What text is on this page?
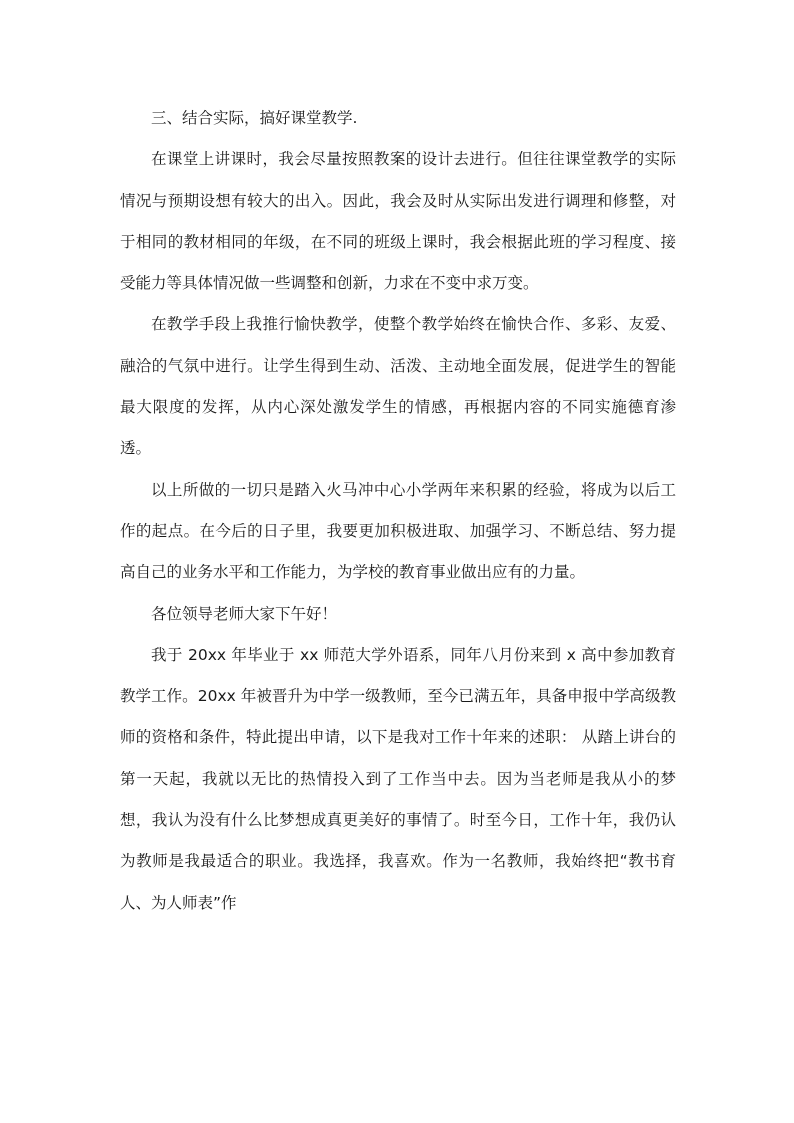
三、结合实际，搞好课堂教学.

在课堂上讲课时，我会尽量按照教案的设计去进行。但往往课堂教学的实际情况与预期设想有较大的出入。因此，我会及时从实际出发进行调理和修整，对于相同的教材相同的年级，在不同的班级上课时，我会根据此班的学习程度、接受能力等具体情况做一些调整和创新，力求在不变中求万变。

在教学手段上我推行愉快教学，使整个教学始终在愉快合作、多彩、友爱、融洽的气氛中进行。让学生得到生动、活泼、主动地全面发展，促进学生的智能最大限度的发挥，从内心深处激发学生的情感，再根据内容的不同实施德育渗透。

以上所做的一切只是踏入火马冲中心小学两年来积累的经验，将成为以后工作的起点。在今后的日子里，我要更加积极进取、加强学习、不断总结、努力提高自己的业务水平和工作能力，为学校的教育事业做出应有的力量。

各位领导老师大家下午好！

我于 20xx 年毕业于 xx 师范大学外语系，同年八月份来到 x 高中参加教育教学工作。20xx 年被晋升为中学一级教师，至今已满五年，具备申报中学高级教师的资格和条件，特此提出申请，以下是我对工作十年来的述职： 从踏上讲台的第一天起，我就以无比的热情投入到了工作当中去。因为当老师是我从小的梦想，我认为没有什么比梦想成真更美好的事情了。时至今日，工作十年，我仍认为教师是我最适合的职业。我选择，我喜欢。作为一名教师，我始终把“教书育人、为人师表”作
